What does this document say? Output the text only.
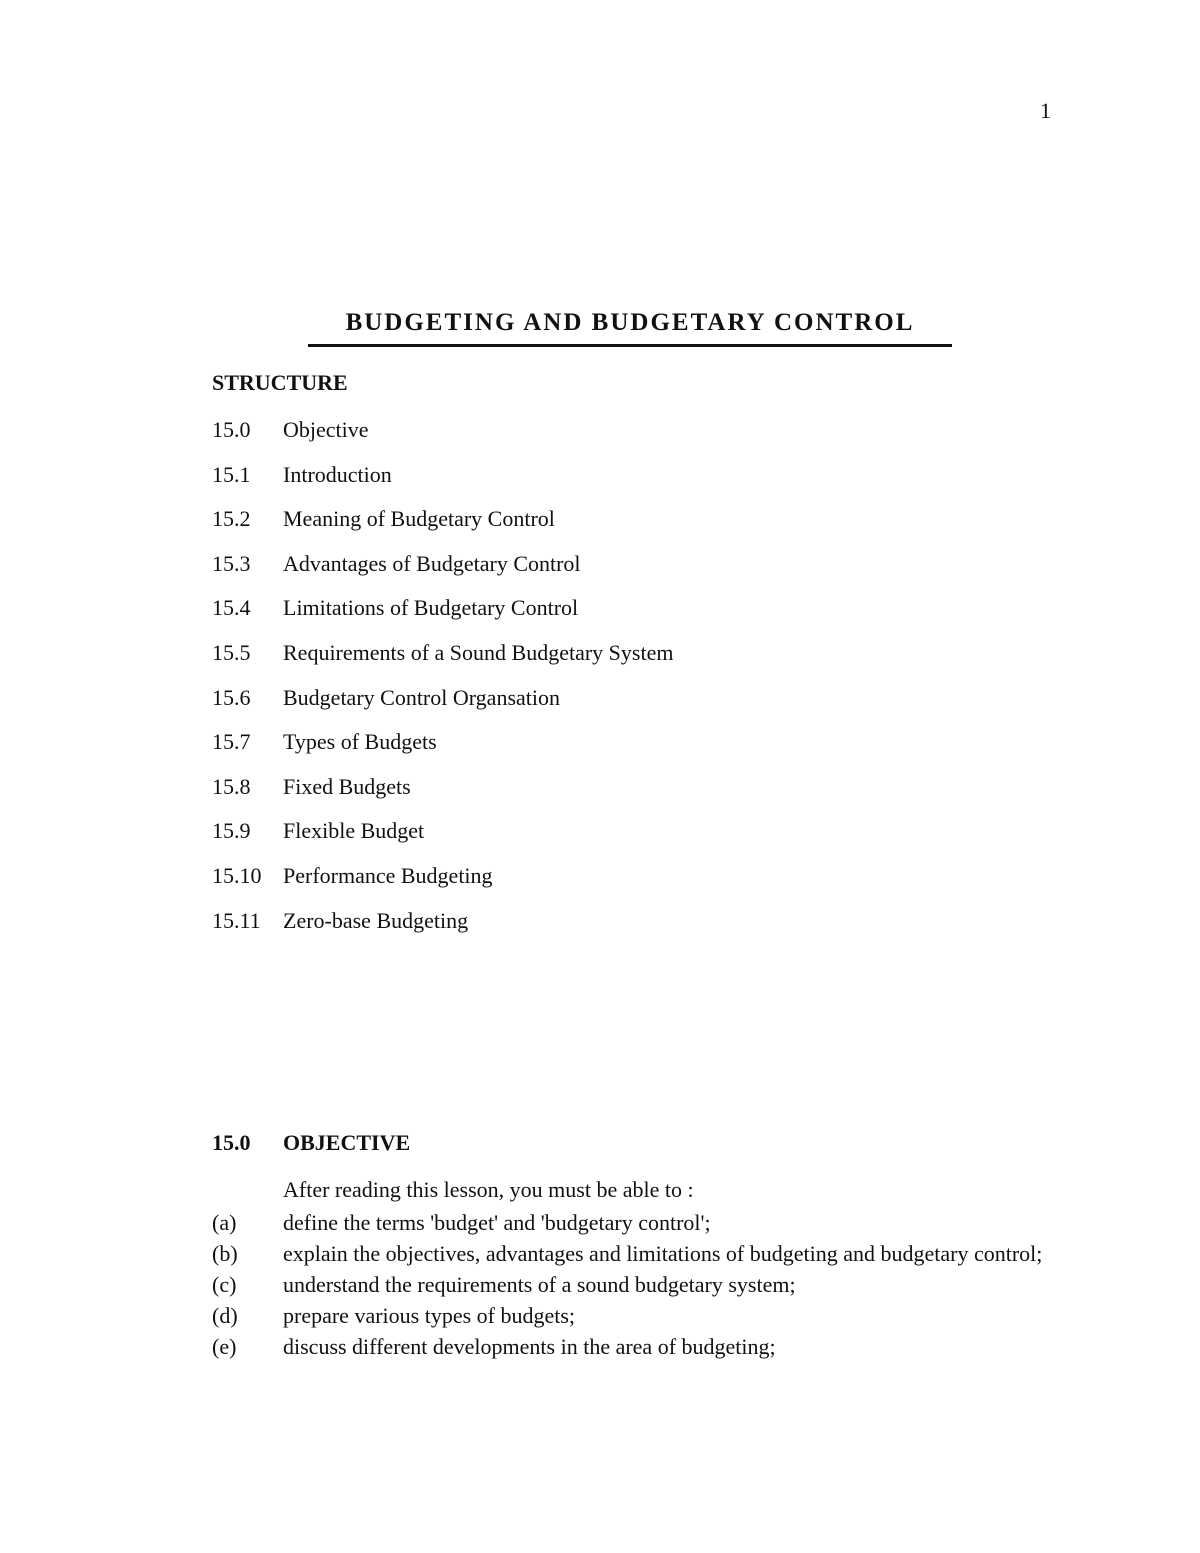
1
BUDGETING AND BUDGETARY CONTROL
STRUCTURE
15.0	Objective
15.1	Introduction
15.2	Meaning of Budgetary Control
15.3	Advantages of Budgetary Control
15.4	Limitations of Budgetary Control
15.5	Requirements of a Sound Budgetary System
15.6	Budgetary Control Organsation
15.7	Types of Budgets
15.8	Fixed Budgets
15.9	Flexible Budget
15.10 Performance Budgeting
15.11	Zero-base Budgeting
15.0	OBJECTIVE

After reading this lesson, you must be able to :

(a)	define the terms 'budget' and 'budgetary control';
(b)	explain the objectives, advantages and limitations of budgeting and budgetary control;
(c)	understand the requirements of a sound budgetary system;
(d)	prepare various types of budgets;
(e)	discuss different developments in the area of budgeting;
